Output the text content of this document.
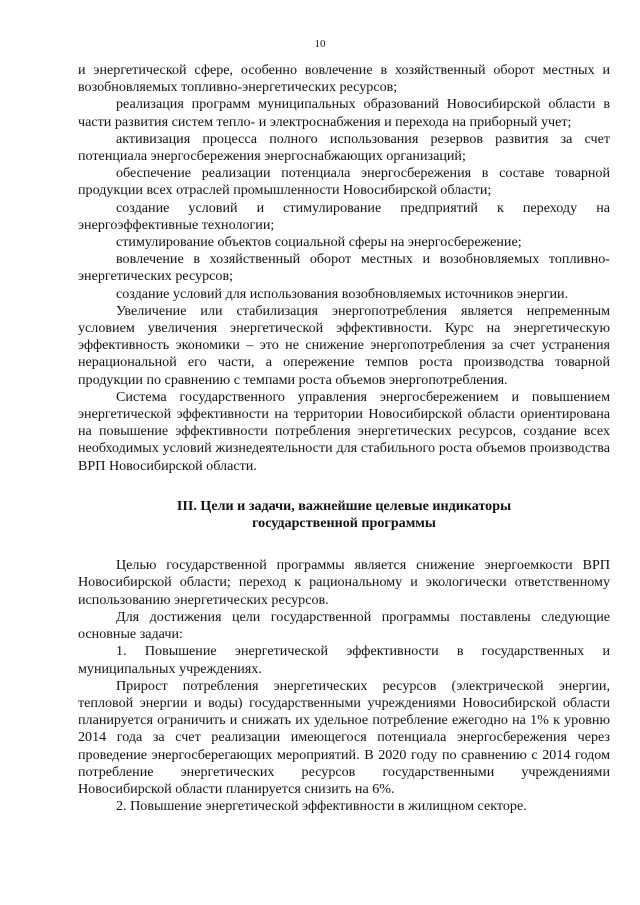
10

и энергетической сфере, особенно вовлечение в хозяйственный оборот местных и возобновляемых топливно-энергетических ресурсов;

реализация программ муниципальных образований Новосибирской области в части развития систем тепло- и электроснабжения и перехода на приборный учет;

активизация процесса полного использования резервов развития за счет потенциала энергосбережения энергоснабжающих организаций;

обеспечение реализации потенциала энергосбережения в составе товарной продукции всех отраслей промышленности Новосибирской области;

создание условий и стимулирование предприятий к переходу на энергоэффективные технологии;

стимулирование объектов социальной сферы на энергосбережение;

вовлечение в хозяйственный оборот местных и возобновляемых топливно-энергетических ресурсов;

создание условий для использования возобновляемых источников энергии.

Увеличение или стабилизация энергопотребления является непременным условием увеличения энергетической эффективности. Курс на энергетическую эффективность экономики – это не снижение энергопотребления за счет устранения нерациональной его части, а опережение темпов роста производства товарной продукции по сравнению с темпами роста объемов энергопотребления.

Система государственного управления энергосбережением и повышением энергетической эффективности на территории Новосибирской области ориентирована на повышение эффективности потребления энергетических ресурсов, создание всех необходимых условий жизнедеятельности для стабильного роста объемов производства ВРП Новосибирской области.

III. Цели и задачи, важнейшие целевые индикаторы
государственной программы

Целью государственной программы является снижение энергоемкости ВРП Новосибирской области; переход к рациональному и экологически ответственному использованию энергетических ресурсов.

Для достижения цели государственной программы поставлены следующие основные задачи:

1. Повышение энергетической эффективности в государственных и муниципальных учреждениях.

Прирост потребления энергетических ресурсов (электрической энергии, тепловой энергии и воды) государственными учреждениями Новосибирской области планируется ограничить и снижать их удельное потребление ежегодно на 1% к уровню 2014 года за счет реализации имеющегося потенциала энергосбережения через проведение энергосберегающих мероприятий. В 2020 году по сравнению с 2014 годом потребление энергетических ресурсов государственными учреждениями Новосибирской области планируется снизить на 6%.

2. Повышение энергетической эффективности в жилищном секторе.
